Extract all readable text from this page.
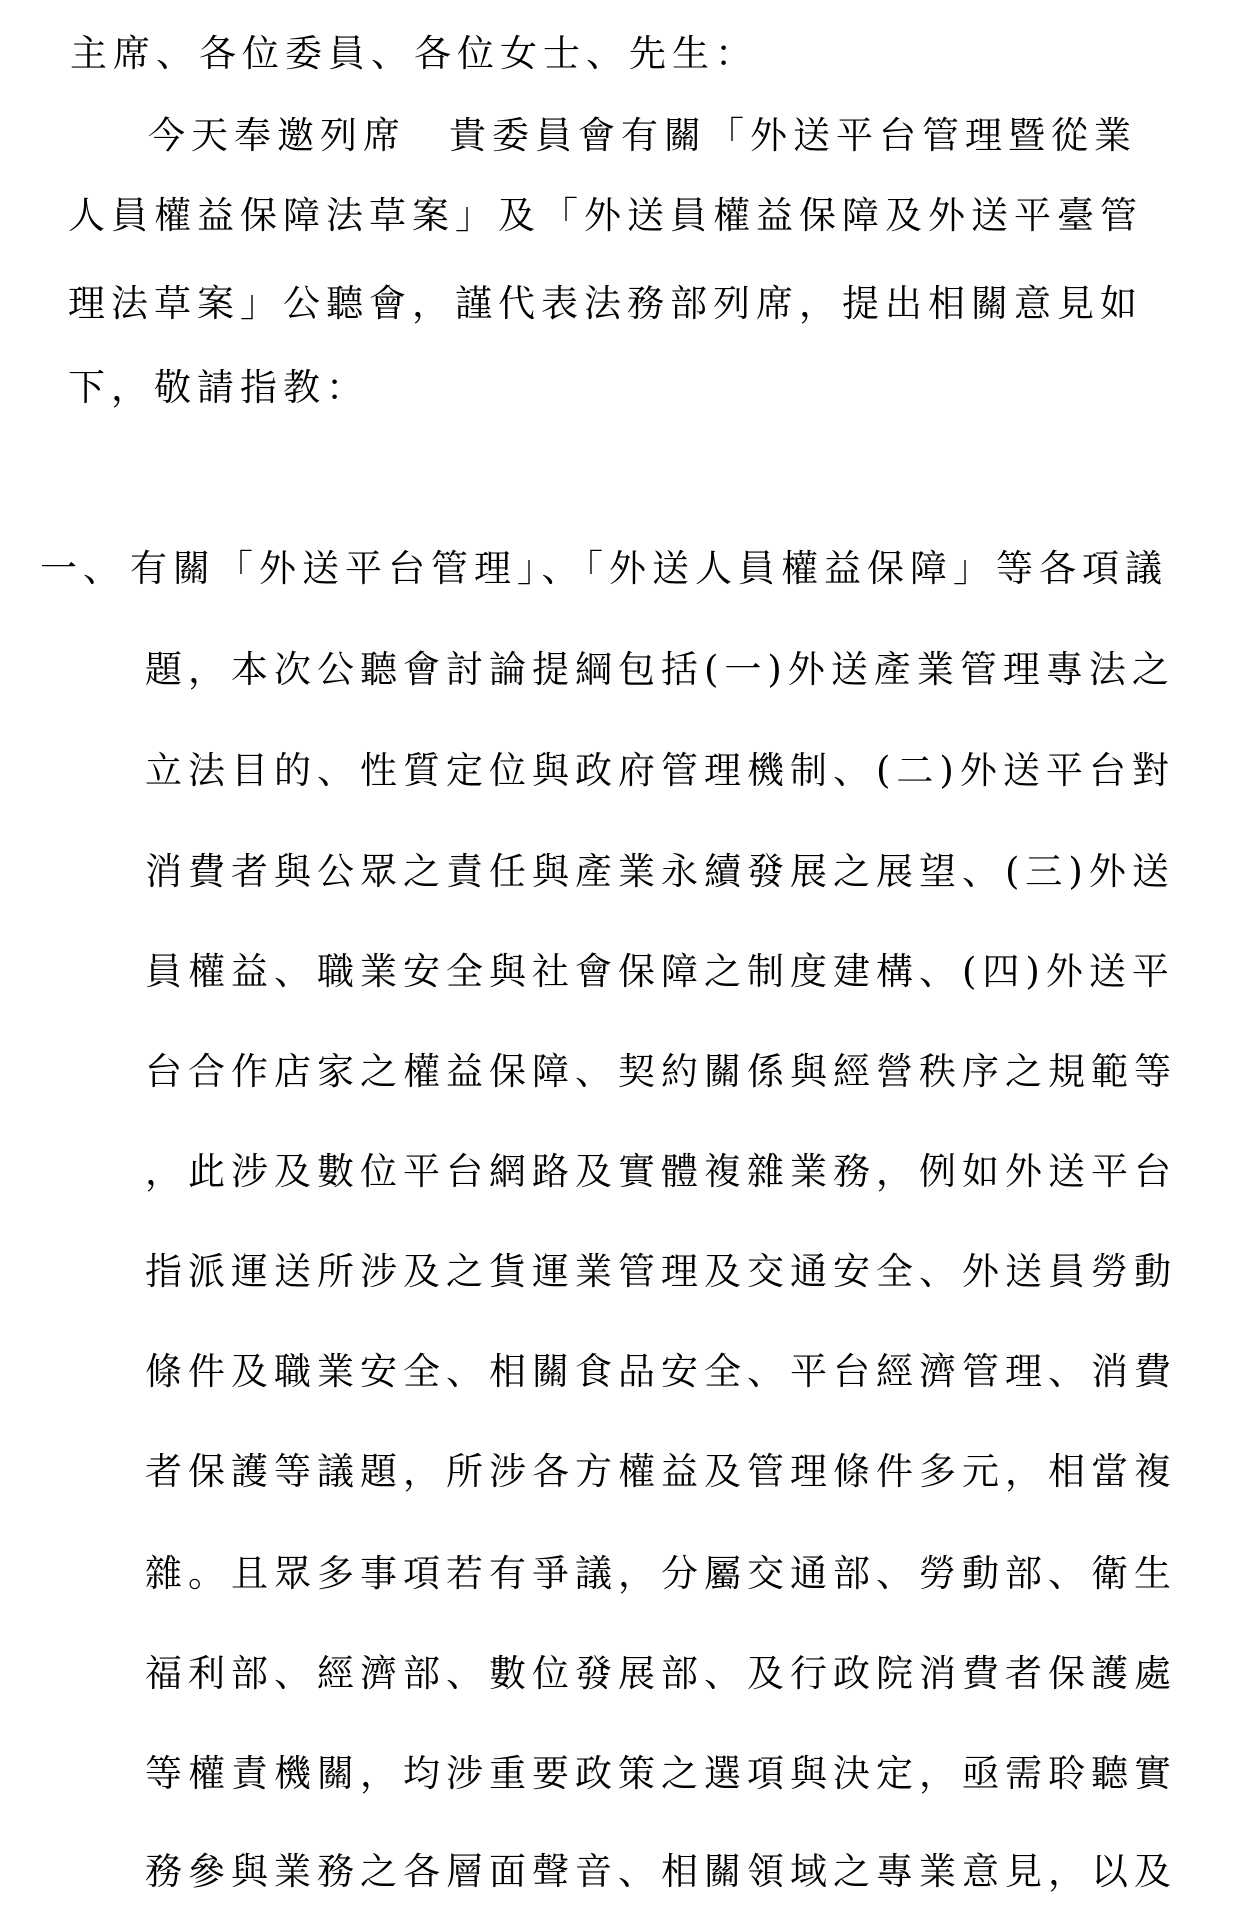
主席、各位委員、各位女士、先生：
今天奉邀列席　貴委員會有關「外送平台管理暨從業
人員權益保障法草案」及「外送員權益保障及外送平臺管
理法草案」公聽會，謹代表法務部列席，提出相關意見如
下，敬請指教：
一、 有關「外送平台管理」、「外送人員權益保障」等各項議
題，本次公聽會討論提綱包括(一)外送產業管理專法之
立法目的、性質定位與政府管理機制、(二)外送平台對
消費者與公眾之責任與產業永續發展之展望、(三)外送
員權益、職業安全與社會保障之制度建構、(四)外送平
台合作店家之權益保障、契約關係與經營秩序之規範等
，此涉及數位平台網路及實體複雜業務，例如外送平台
指派運送所涉及之貨運業管理及交通安全、外送員勞動
條件及職業安全、相關食品安全、平台經濟管理、消費
者保護等議題，所涉各方權益及管理條件多元，相當複
雜。且眾多事項若有爭議，分屬交通部、勞動部、衛生
福利部、經濟部、數位發展部、及行政院消費者保護處
等權責機關，均涉重要政策之選項與決定，亟需聆聽實
務參與業務之各層面聲音、相關領域之專業意見，以及
